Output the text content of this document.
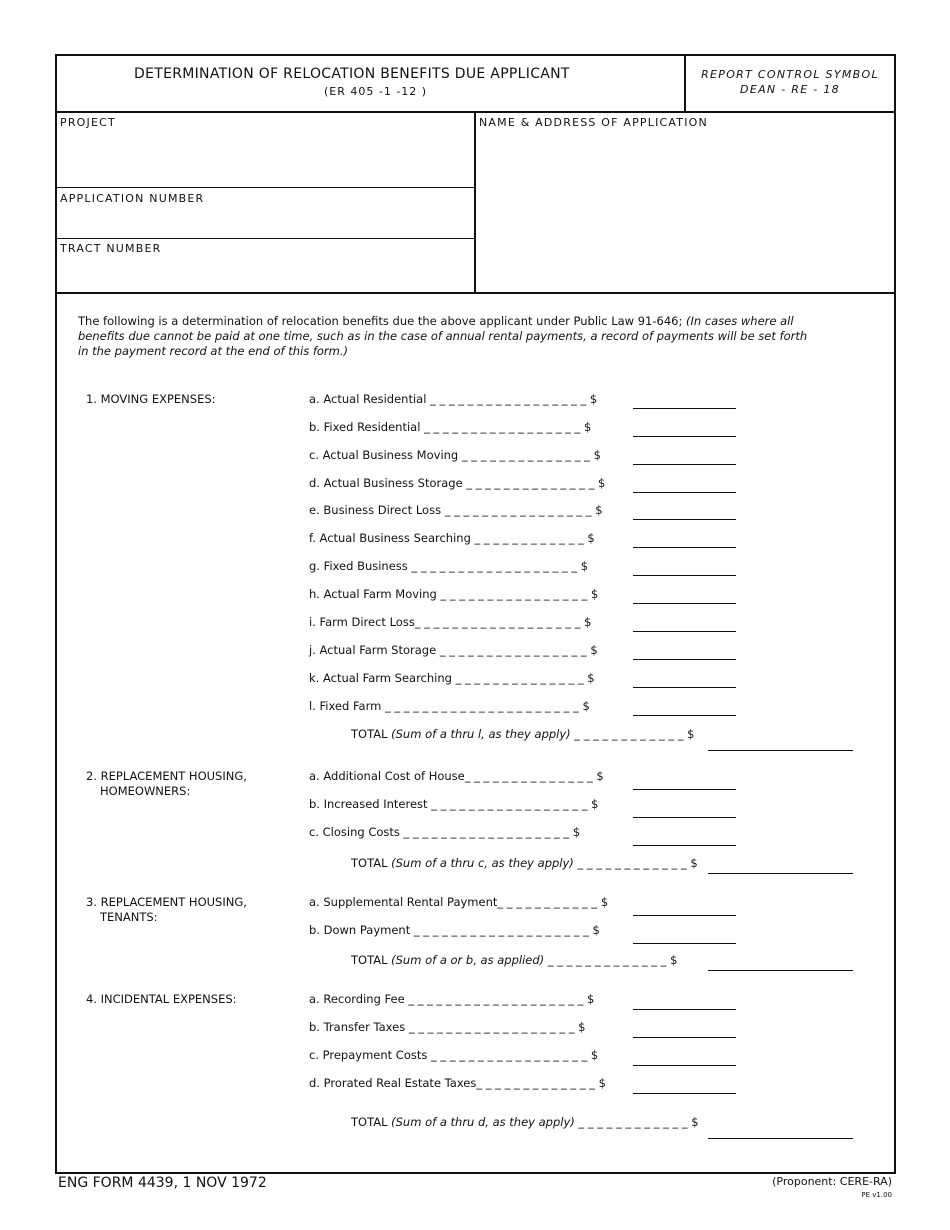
DETERMINATION OF RELOCATION BENEFITS DUE APPLICANT
(ER 405 -1 -12 )
REPORT CONTROL SYMBOL
DEAN - RE - 18
PROJECT
APPLICATION NUMBER
TRACT NUMBER
NAME & ADDRESS OF APPLICATION
The following is a determination of relocation benefits due the above applicant under Public Law 91-646; (In cases where all
benefits due cannot be paid at one time, such as in the case of annual rental payments, a record of payments will be set forth
in the payment record at the end of this form.)
1. MOVING EXPENSES:	a. Actual Residential _ _ _ _ _ _ _ _ _ _ _ _ _ _ _ _ _ $
b. Fixed Residential _ _ _ _ _ _ _ _ _ _ _ _ _ _ _ _ _ $
c. Actual Business Moving _ _ _ _ _ _ _ _ _ _ _ _ _ _ $
d. Actual Business Storage _ _ _ _ _ _ _ _ _ _ _ _ _ _ $
e. Business Direct Loss _ _ _ _ _ _ _ _ _ _ _ _ _ _ _ _ $
f. Actual Business Searching _ _ _ _ _ _ _ _ _ _ _ _ $
g. Fixed Business _ _ _ _ _ _ _ _ _ _ _ _ _ _ _ _ _ _ $
h. Actual Farm Moving _ _ _ _ _ _ _ _ _ _ _ _ _ _ _ _ $
i. Farm Direct Loss_ _ _ _ _ _ _ _ _ _ _ _ _ _ _ _ _ _ $
j. Actual Farm Storage _ _ _ _ _ _ _ _ _ _ _ _ _ _ _ _ $
k. Actual Farm Searching _ _ _ _ _ _ _ _ _ _ _ _ _ _ $
l. Fixed Farm _ _ _ _ _ _ _ _ _ _ _ _ _ _ _ _ _ _ _ _ _ $
TOTAL (Sum of a thru l, as they apply) _ _ _ _ _ _ _ _ _ _ _ _ $
2. REPLACEMENT HOUSING,
HOMEOWNERS:
a. Additional Cost of House_ _ _ _ _ _ _ _ _ _ _ _ _ _ $
b. Increased Interest _ _ _ _ _ _ _ _ _ _ _ _ _ _ _ _ _ $
c. Closing Costs _ _ _ _ _ _ _ _ _ _ _ _ _ _ _ _ _ _ $
TOTAL (Sum of a thru c, as they apply) _ _ _ _ _ _ _ _ _ _ _ _ $
3. REPLACEMENT HOUSING,
TENANTS:
a. Supplemental Rental Payment_ _ _ _ _ _ _ _ _ _ _ $
b. Down Payment _ _ _ _ _ _ _ _ _ _ _ _ _ _ _ _ _ _ _ $
TOTAL (Sum of a or b, as applied) _ _ _ _ _ _ _ _ _ _ _ _ _ $
4. INCIDENTAL EXPENSES:	a. Recording Fee _ _ _ _ _ _ _ _ _ _ _ _ _ _ _ _ _ _ _ $
b. Transfer Taxes _ _ _ _ _ _ _ _ _ _ _ _ _ _ _ _ _ _ $
c. Prepayment Costs _ _ _ _ _ _ _ _ _ _ _ _ _ _ _ _ _ $
d. Prorated Real Estate Taxes_ _ _ _ _ _ _ _ _ _ _ _ _ $
TOTAL (Sum of a thru d, as they apply) _ _ _ _ _ _ _ _ _ _ _ _ $
ENG FORM 4439, 1 NOV 1972	(Proponent: CERE-RA)
PE v1.00
